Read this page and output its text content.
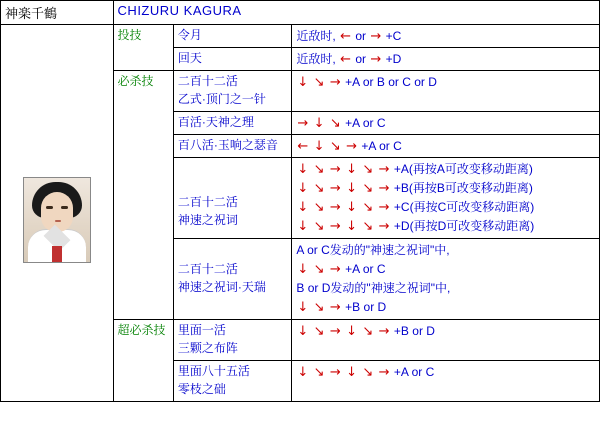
神楽千鶴	CHIZURU KAGURA		

	投技	令月	近敌时, ← or → +C
		回天	近敌时, ← or → +D
	必杀技	二百十二活
乙式·顶门之一针	↓ ↘ → +A or B or C or D
		百活·天神之理	→ ↓ ↘ +A or C
		百八活·玉响之瑟音	← ↓ ↘ → +A or C

		二百十二活
神速之祝词	↓ ↘ → ↓ ↘ → +A(再按A可改变移动距离)
↓ ↘ → ↓ ↘ → +B(再按B可改变移动距离)
↓ ↘ → ↓ ↘ → +C(再按C可改变移动距离)
↓ ↘ → ↓ ↘ → +D(再按D可改变移动距离)

		二百十二活
神速之祝词·天瑞	A or C发动的"神速之祝词"中,
↓ ↘ → +A or C
B or D发动的"神速之祝词"中,
↓ ↘ → +B or D

	超必杀技	里面一活
三颗之布阵	↓ ↘ → ↓ ↘ → +B or D

		里面八十五活
零枝之础	↓ ↘ → ↓ ↘ → +A or C
